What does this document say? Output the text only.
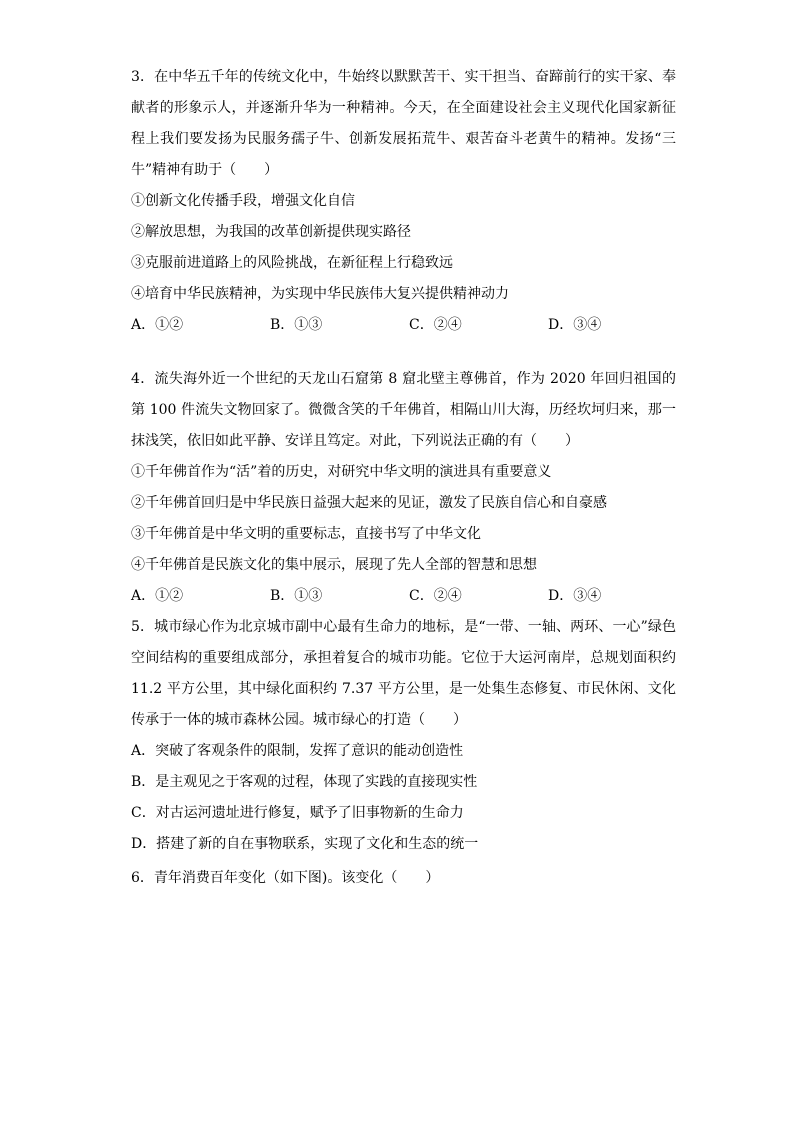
3．在中华五千年的传统文化中，牛始终以默默苦干、实干担当、奋蹄前行的实干家、奉献者的形象示人，并逐渐升华为一种精神。今天，在全面建设社会主义现代化国家新征程上我们要发扬为民服务孺子牛、创新发展拓荒牛、艰苦奋斗老黄牛的精神。发扬“三牛”精神有助于（　　）

①创新文化传播手段，增强文化自信

②解放思想，为我国的改革创新提供现实路径

③克服前进道路上的风险挑战，在新征程上行稳致远

④培育中华民族精神，为实现中华民族伟大复兴提供精神动力

A．①②	B．①③	C．②④	D．③④

4．流失海外近一个世纪的天龙山石窟第 8 窟北壁主尊佛首，作为 2020 年回归祖国的第 100 件流失文物回家了。微微含笑的千年佛首，相隔山川大海，历经坎坷归来，那一抹浅笑，依旧如此平静、安详且笃定。对此，下列说法正确的有（　　）

①千年佛首作为“活”着的历史，对研究中华文明的演进具有重要意义

②千年佛首回归是中华民族日益强大起来的见证，激发了民族自信心和自豪感

③千年佛首是中华文明的重要标志，直接书写了中华文化

④千年佛首是民族文化的集中展示，展现了先人全部的智慧和思想

A．①②	B．①③	C．②④	D．③④

5．城市绿心作为北京城市副中心最有生命力的地标，是“一带、一轴、两环、一心”绿色空间结构的重要组成部分，承担着复合的城市功能。它位于大运河南岸，总规划面积约 11.2 平方公里，其中绿化面积约 7.37 平方公里，是一处集生态修复、市民休闲、文化传承于一体的城市森林公园。城市绿心的打造（　　）

A．突破了客观条件的限制，发挥了意识的能动创造性

B．是主观见之于客观的过程，体现了实践的直接现实性

C．对古运河遗址进行修复，赋予了旧事物新的生命力

D．搭建了新的自在事物联系，实现了文化和生态的统一

6．青年消费百年变化（如下图)。该变化（　　）
